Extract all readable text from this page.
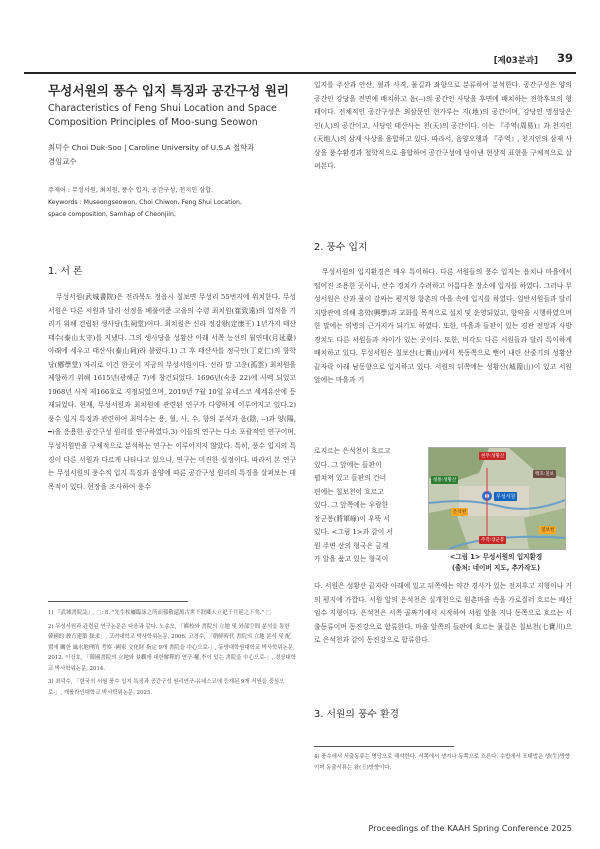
[제03분과] 39
무성서원의 풍수 입지 특징과 공간구성 원리
Characteristics of Feng Shui Location and Space
Composition Principles of Moo-sung Seowon
최덕수 Choi Duk-Soo | Caroline University of U.S.A 철학과
겸임교수
주제어 : 무성서원, 최치원, 풍수 입지, 공간구성, 천지인 삼합.
Keywords : Museongseowon, Choi Chiwon, Feng Shui Location,
space composition, Samhap of Cheonjiin,
1. 서 론

무성서원(武城書院)은 전라북도 정읍시 칠보면 무성리 55번지에 위치한다. 무성서원은 다른 서원과 달리 선정을 베풀어준 고을의 수령 최치원(崔致遠)의 업적을 기리기 위해 건립된 생사당(生祠堂)이다. 최치원은 신라 정강왕(定康王) 1년가지 태산태수(泰山太守)를 지냈다. 그의 생사당을 성황산 아래 서쪽 능선의 월연대(月延臺) 아래에 세우고 태산사(泰山祠)라 불렀다.1) 그 후 태산사를 정극인(丁克仁)의 향학당(鄕學堂) 자리로 이건 한곳이 지금의 무성서원이다. 신라 말 고운(孤雲) 최치원을 제향하기 위해 1615년(광해군 7)에 창건되었다. 1696년(숙종 22)에 사액 되었고 1968년 사적 제166호로 지정되었으며, 2019년 7월 10일 유네스코 세계유산에 등재되었다. 현재, 무성서원과 최치원에 관련된 연구가 다양하게 이루어지고 있다.2) 풍수 입지 특징과 관련하여 최덕수는 용, 혈, 사, 수, 향의 분석과 음(陰, --)과 양(陽, ━)을 응용한 공간구성 원리를 연구하였다.3) 이들의 연구는 다소 포괄적인 연구이며, 무성서원만을 구체적으로 분석하는 연구는 이루어지지 않았다. 특히, 풍수 입지의 특징이 다른 서원과 다르게 나타나고 있으나, 연구는 미진한 실정이다. 따라서 본 연구는 무성서원의 풍수적 입지 특징과 음양에 따른 공간구성 원리의 특징을 살펴보는 데 목적이 있다. 현장을 조사하여 풍수

1) 『武城書院誌』, ⬚: 8. "先生杖屨臨詠之所而孫敬還萬古世不泯鄕人立祀于月延之下矣." ⬚

2) 무성서원과 관련된 연구논문은 다음과 같다. 노송오, 「鄕校와 書院의 立地 및 外部空間 분석을 통한 韓國的 敎育建築 探求」, 고려대학교 박사학위논문, 2006. 고경수, 「朝鮮時代 書院의 立地 분석 및 配置에 關한 風水地理的 考察 -國家 文化財 指定 9개 書院을 中心으로-」, 동방대학원대학교 박사학위논문, 2012. 이상호, 「韓國書院의 立地와 景觀에 대한解釋的 연구-權,李이 있는 書院을 中心으로-」, 경상대학교 박사학위논문, 2014.

3) 최덕수, 「한국의 서원 풍수 입지 특징과 공간구성 원리연구-유네스코에 등재된 9개 서원을 중심으로-」, 캐롤라인대학교 박사학위논문, 2025.

입지를 주산과 안산, 혈과 사격, 물길과 좌향으로 분류하여 분석한다. 공간구성은 양의 공간인 강당을 전면에 배치하고 음(--)의 공간인 사당을 후면에 배치하는 전학후묘의 형태이다. 전체적인 공간구성은 외삼문인 현가루는 지(地)의 공간이며, 강당인 명성당은 인(人)의 공간이고, 사당인 태산사는 천(天)의 공간이다. 이는 『주역(周易)』과 천지인(天地人)의 삼재 사상을 융합하고 있다. 따라서, 음양오행과 『주역』, 천지인의 삼재 사상을 풍수환경과 철학적으로 융합하여 공간구성에 담아낸 현상적 표현을 구체적으로 살펴본다.

2. 풍수 입지

무성서원의 입지환경은 매우 특이하다. 다른 서원들의 풍수 입지는 읍치나 마을에서 떨어진 조용한 곳이나, 산수 경치가 수려하고 아름다운 장소에 입지를 하였다. 그러나 무성서원은 산과 물이 감싸는 평지형 향촌의 마을 속에 입지를 하였다. 일반서원들과 달리 지방관에 의해 흥학(興學)과 교화를 목적으로 설치 및 운영되었고, 향약을 시행하였으며 한 말에는 의병의 근거지가 되기도 하였다. 또한, 마을과 들판이 있는 경관 전망과 사방 경치도 다른 서원들과 차이가 있는 곳이다. 또한, 비각도 다른 서원들과 달리 특이하게 배치하고 있다. 무성서원은 칠보산(七寶山)에서 북동쪽으로 뻗어 내린 산줄기의 성황산 끝자락 아래 남동향으로 입지하고 있다. 서원의 뒤쪽에는 성황산(城隍山)이 있고 서원 앞에는 마을과 기

로지르는 은석천이 흐르고
있다. 그 앞에는 들판이
펼쳐져 있고 들판의 건너
편에는 칠보천이 흐르고
있다. 그 앞쪽에는 우람한
장군봉(將軍峰)이 우뚝 서
있다. <그림 1>과 같이 서
원 주변 산의 형국은 금계
가 알을 품고 있는 형국이
현무:성황산
청룡:성황산
백호:칠보
무성서원
은석천
주작:장군봉
칠보천
<그림 1> 무성서원의 입지환경
(출처: 네이버 지도, 추가작도)

다. 서원은 성황산 끝자락 아래에 있고 뒤쪽에는 약간 경사가 있는 전저후고 지형이나 거의 평지에 가깝다. 서원 앞의 은석천은 실개천으로 원촌마을 속을 가로질러 흐르는 배산임수 지형이다. 은석천은 서쪽 골짜기에서 시작하여 서원 앞을 지나 동쪽으로 흐르는 서출동류이며 동진강으로 합류한다. 마을 앞쪽의 들판에 흐르는 물길은 칠보천(七寶川)으로 은석천과 같이 동진강으로 합류한다.

3. 서원의 풍수 환경
4) 풍수에서 서출동류는 명당으로 해석한다. 서쪽에서 생겨나 동쪽으로 흐른다. 수법에서 포태법은 생(生)방향이며 동출서류는 왕(王)방향이다.
Proceedings of the KAAH Spring Conference 2025
